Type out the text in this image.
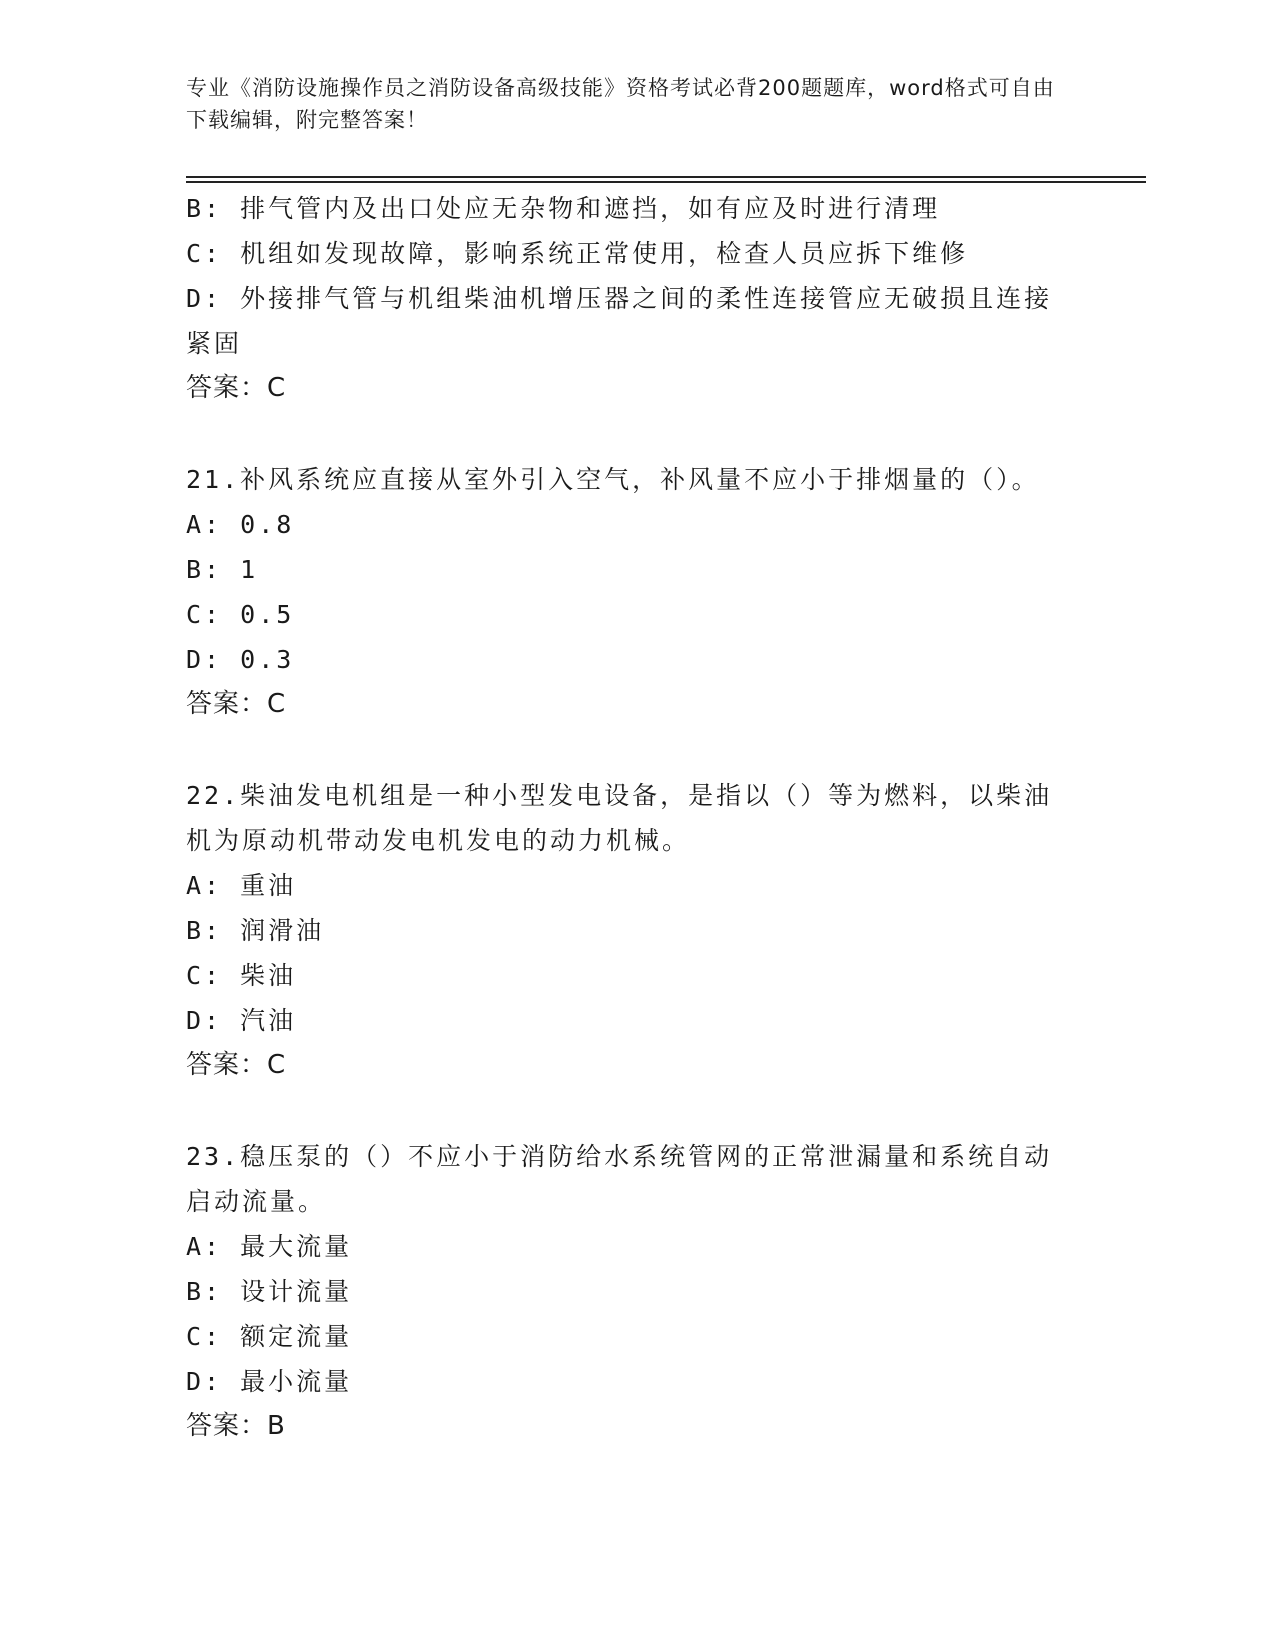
专业《消防设施操作员之消防设备高级技能》资格考试必背200题题库，word格式可自由下载编辑，附完整答案！

B: 排气管内及出口处应无杂物和遮挡，如有应及时进行清理

C: 机组如发现故障，影响系统正常使用，检查人员应拆下维修

D: 外接排气管与机组柴油机增压器之间的柔性连接管应无破损且连接

紧固

答案：C

21.补风系统应直接从室外引入空气，补风量不应小于排烟量的（）。

A: 0.8

B: 1

C: 0.5

D: 0.3

答案：C

22.柴油发电机组是一种小型发电设备，是指以（）等为燃料，以柴油

机为原动机带动发电机发电的动力机械。

A: 重油

B: 润滑油

C: 柴油

D: 汽油

答案：C

23.稳压泵的（）不应小于消防给水系统管网的正常泄漏量和系统自动

启动流量。

A: 最大流量

B: 设计流量

C: 额定流量

D: 最小流量

答案：B
